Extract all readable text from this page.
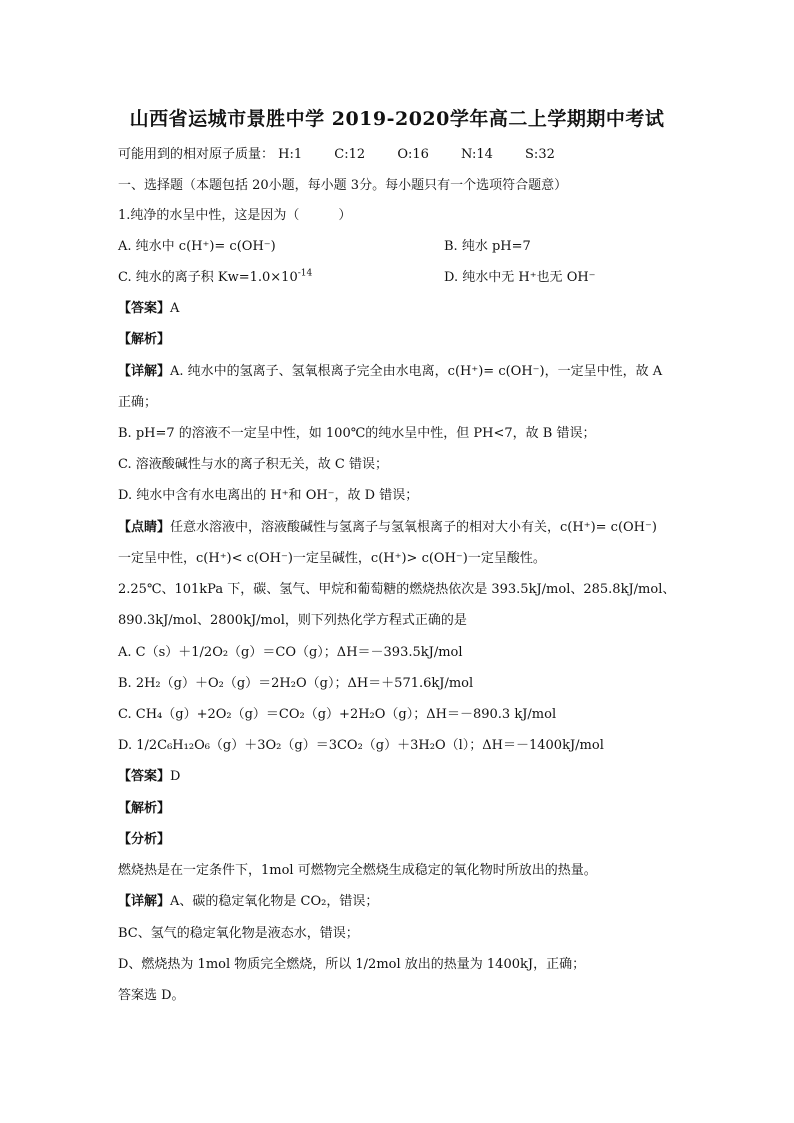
山西省运城市景胜中学 2019-2020学年高二上学期期中考试
可能用到的相对原子质量： H:1 C:12 O:16 N:14 S:32
一、选择题（本题包括 20小题，每小题 3分。每小题只有一个选项符合题意）
1.纯净的水呈中性，这是因为（　　　）
A. 纯水中 c(H⁺)= c(OH⁻)	B. 纯水 pH=7
C. 纯水的离子积 $Kw=1.0\times 10^{-14}$	D. 纯水中无 H⁺也无 OH⁻
【答案】A
【解析】
【详解】A. 纯水中的氢离子、氢氧根离子完全由水电离，c(H⁺)= c(OH⁻)，一定呈中性，故 A
正确；
B. pH=7 的溶液不一定呈中性，如 100℃的纯水呈中性，但 PH<7，故 B 错误；
C. 溶液酸碱性与水的离子积无关，故 C 错误；
D. 纯水中含有水电离出的 H⁺和 OH⁻，故 D 错误；
【点睛】任意水溶液中，溶液酸碱性与氢离子与氢氧根离子的相对大小有关，c(H⁺)= c(OH⁻)
一定呈中性，c(H⁺)< c(OH⁻)一定呈碱性，c(H⁺)> c(OH⁻)一定呈酸性。
2.25℃、101kPa 下，碳、氢气、甲烷和葡萄糖的燃烧热依次是 393.5kJ/mol、285.8kJ/mol、
890.3kJ/mol、2800kJ/mol，则下列热化学方程式正确的是
A. C（s）＋1/2O₂（g）＝CO（g）；ΔH＝－393.5kJ/mol
B. 2H₂（g）＋O₂（g）＝2H₂O（g）；ΔH＝＋571.6kJ/mol
C. CH₄（g）+2O₂（g）＝CO₂（g）+2H₂O（g）；ΔH＝－890.3 kJ/mol
D. 1/2C₆H₁₂O₆（g）＋3O₂（g）＝3CO₂（g）＋3H₂O（l）；ΔH＝－1400kJ/mol
【答案】D
【解析】
【分析】
燃烧热是在一定条件下，1mol 可燃物完全燃烧生成稳定的氧化物时所放出的热量。
【详解】A、碳的稳定氧化物是 CO₂，错误；
BC、氢气的稳定氧化物是液态水，错误；
D、燃烧热为 1mol 物质完全燃烧，所以 1/2mol 放出的热量为 1400kJ，正确；
答案选 D。
